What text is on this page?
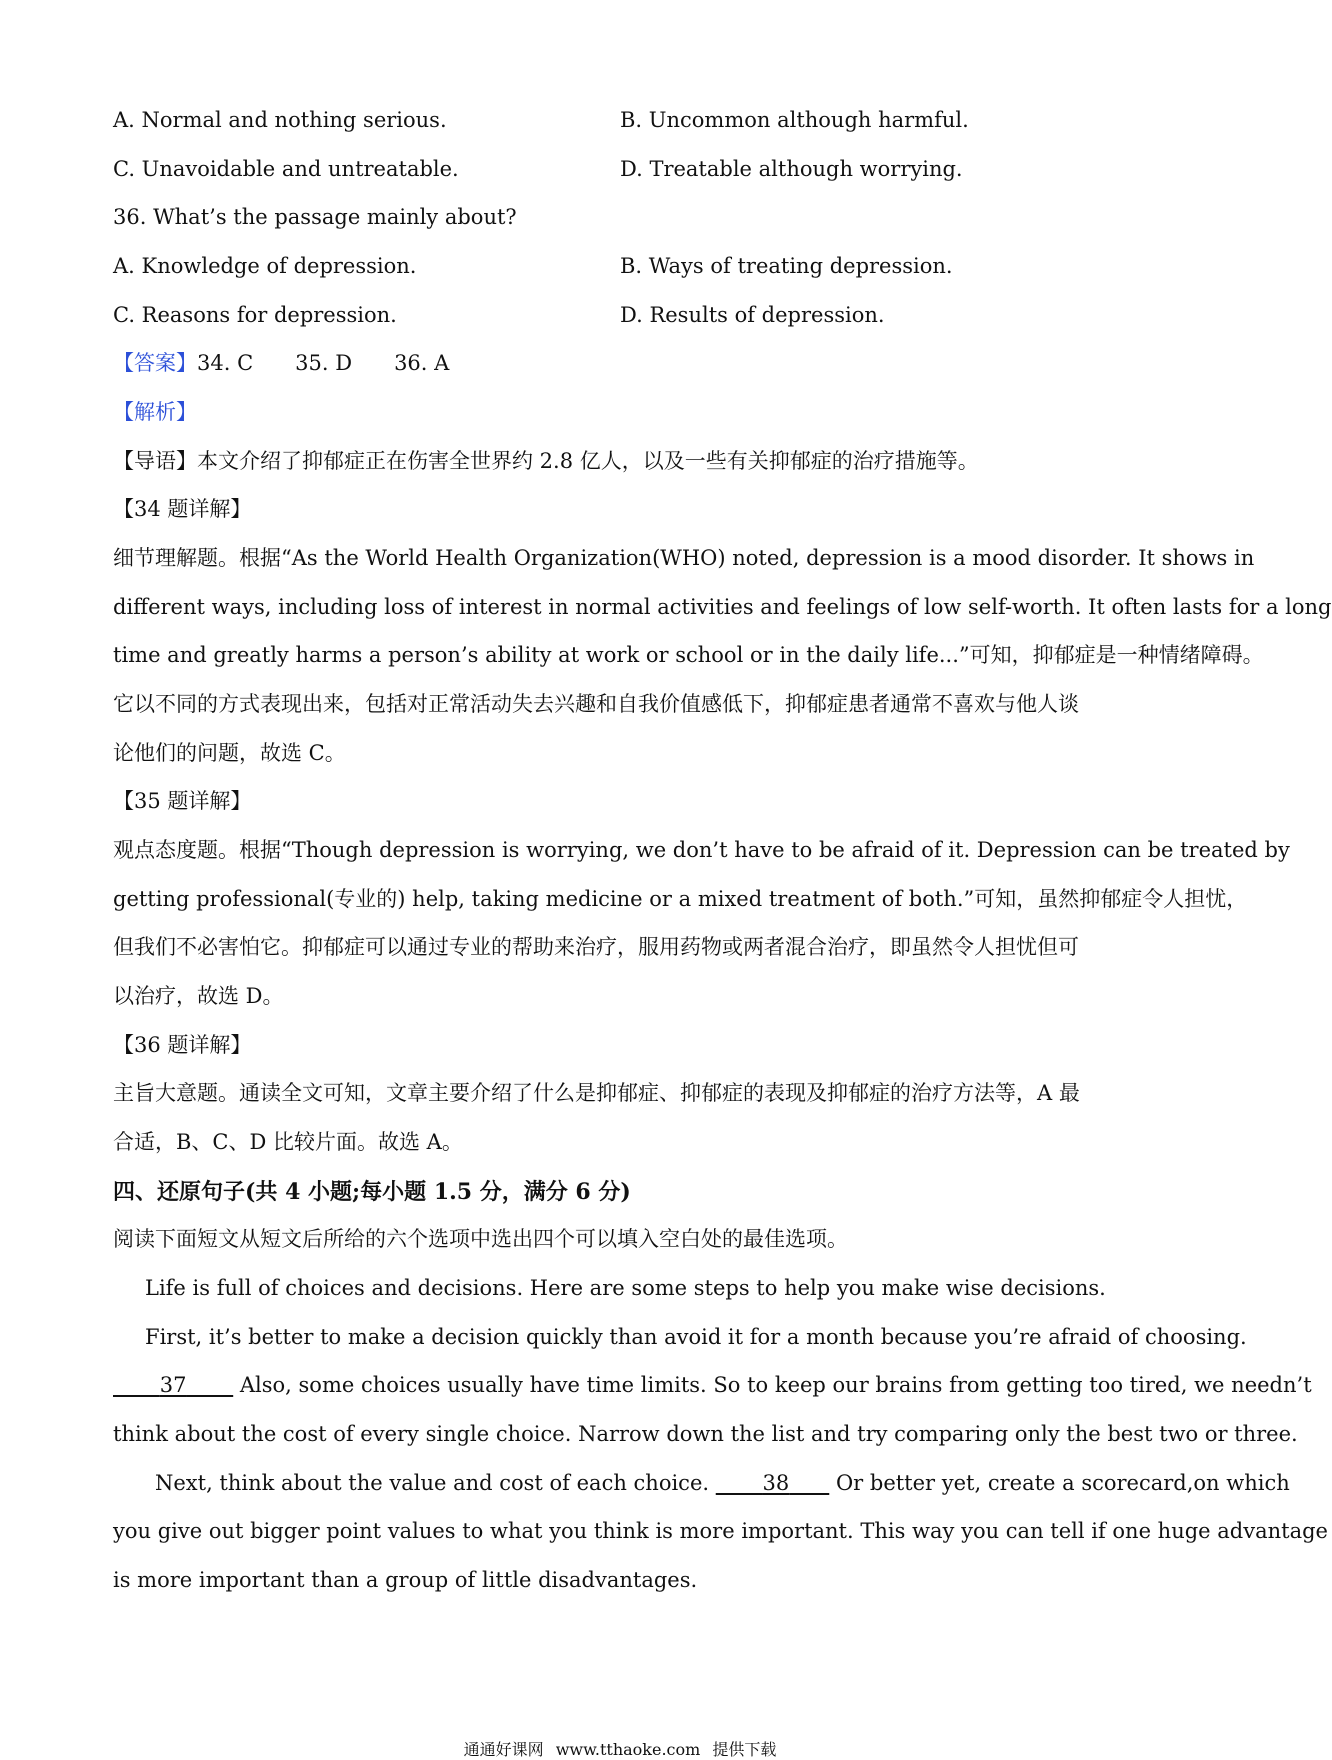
A. Normal and nothing serious.	B. Uncommon although harmful.
C. Unavoidable and untreatable.	D. Treatable although worrying.
36. What’s the passage mainly about?
A. Knowledge of depression.	B. Ways of treating depression.
C. Reasons for depression.	D. Results of depression.
【答案】34. C 35. D 36. A
【解析】
【导语】本文介绍了抑郁症正在伤害全世界约 2.8 亿人，以及一些有关抑郁症的治疗措施等。
【34 题详解】
细节理解题。根据“As the World Health Organization(WHO) noted, depression is a mood disorder. It shows in
different ways, including loss of interest in normal activities and feelings of low self-worth. It often lasts for a long
time and greatly harms a person’s ability at work or school or in the daily life...”可知，抑郁症是一种情绪障碍。
它以不同的方式表现出来，包括对正常活动失去兴趣和自我价值感低下，抑郁症患者通常不喜欢与他人谈
论他们的问题，故选 C。
【35 题详解】
观点态度题。根据“Though depression is worrying, we don’t have to be afraid of it. Depression can be treated by
getting professional(专业的) help, taking medicine or a mixed treatment of both.”可知，虽然抑郁症令人担忧，
但我们不必害怕它。抑郁症可以通过专业的帮助来治疗，服用药物或两者混合治疗，即虽然令人担忧但可
以治疗，故选 D。
【36 题详解】
主旨大意题。通读全文可知，文章主要介绍了什么是抑郁症、抑郁症的表现及抑郁症的治疗方法等，A 最
合适，B、C、D 比较片面。故选 A。
四、还原句子(共 4 小题;每小题 1.5 分，满分 6 分)
阅读下面短文从短文后所给的六个选项中选出四个可以填入空白处的最佳选项。
Life is full of choices and decisions. Here are some steps to help you make wise decisions.
First, it’s better to make a decision quickly than avoid it for a month because you’re afraid of choosing.
37        Also, some choices usually have time limits. So to keep our brains from getting too tired, we needn’t
think about the cost of every single choice. Narrow down the list and try comparing only the best two or three.
Next, think about the value and cost of each choice.        38       Or better yet, create a scorecard,on which
you give out bigger point values to what you think is more important. This way you can tell if one huge advantage
is more important than a group of little disadvantages.
通通好课网 www.tthaoke.com 提供下载
